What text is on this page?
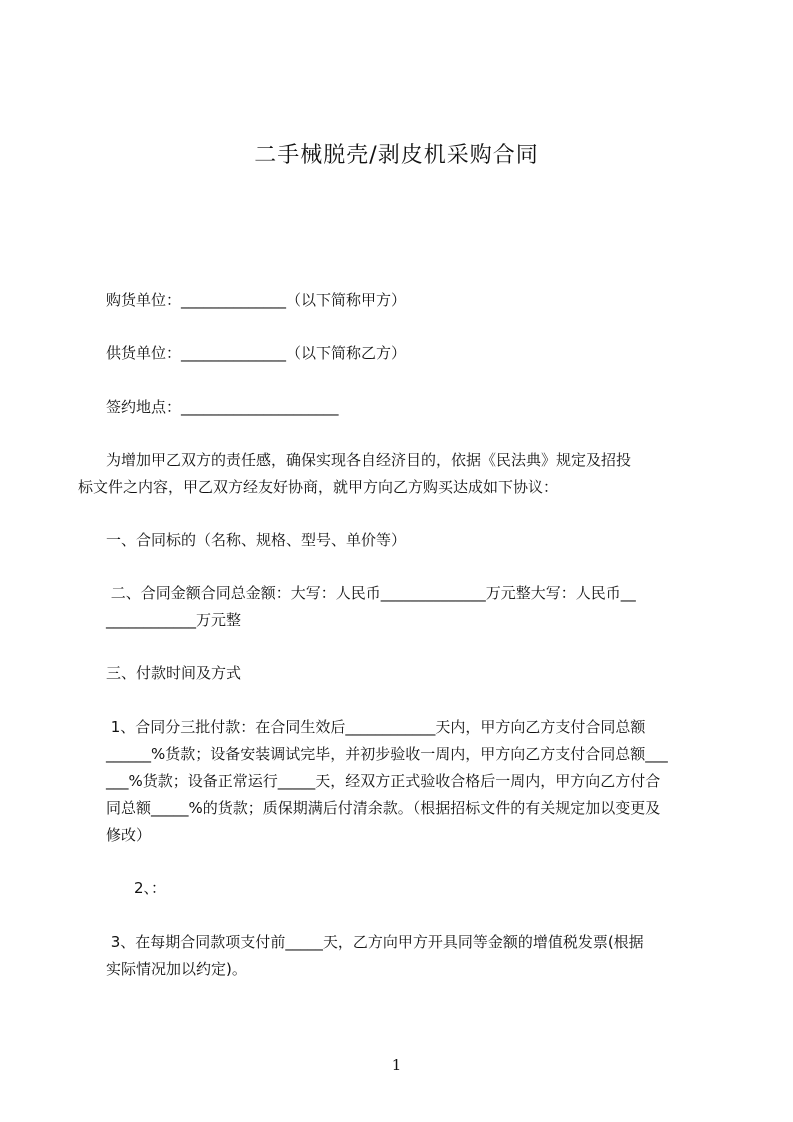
二手械脱壳/剥皮机采购合同

购货单位：______________（以下简称甲方）

供货单位：______________（以下简称乙方）

签约地点：_____________________

为增加甲乙双方的责任感，确保实现各自经济目的，依据《民法典》规定及招投

标文件之内容，甲乙双方经友好协商，就甲方向乙方购买达成如下协议：

一、合同标的（名称、规格、型号、单价等）

二、合同金额合同总金额：大写：人民币______________万元整大写：人民币__

____________万元整

三、付款时间及方式

1、合同分三批付款：在合同生效后____________天内，甲方向乙方支付合同总额

______%货款；设备安装调试完毕，并初步验收一周内，甲方向乙方支付合同总额___

___%货款；设备正常运行_____天，经双方正式验收合格后一周内，甲方向乙方付合

同总额_____%的货款；质保期满后付清余款。（根据招标文件的有关规定加以变更及

修改）

2、：

3、在每期合同款项支付前_____天，乙方向甲方开具同等金额的增值税发票(根据

实际情况加以约定)。

1
